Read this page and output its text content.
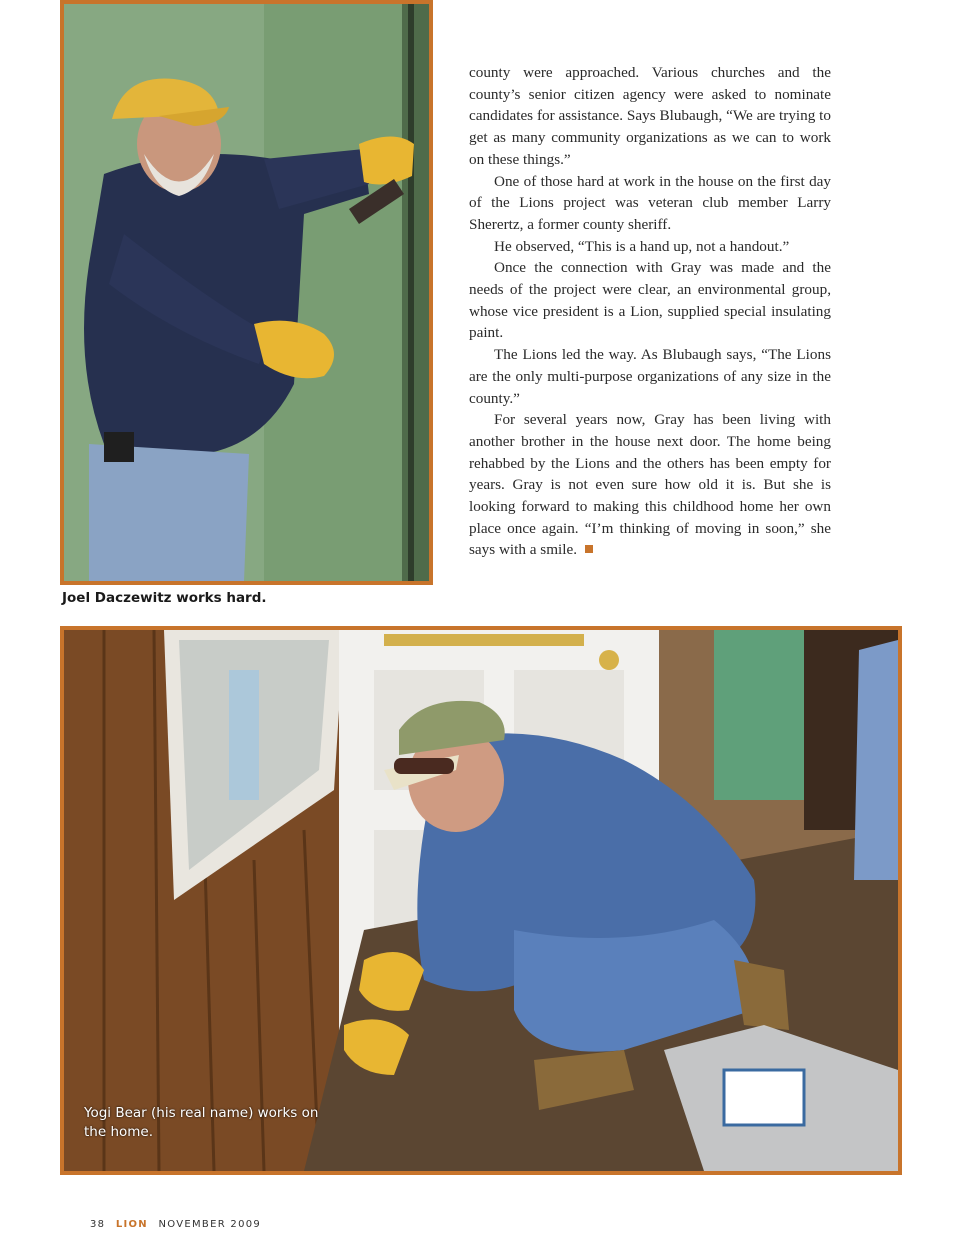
Joel Daczewitz works hard.

county were approached. Various churches and the county’s senior citizen agency were asked to nominate candidates for assistance. Says Blubaugh, “We are trying to get as many community organizations as we can to work on these things.”

One of those hard at work in the house on the first day of the Lions project was veteran club member Larry Sherertz, a former county sheriff.

He observed, “This is a hand up, not a handout.”

Once the connection with Gray was made and the needs of the project were clear, an environmental group, whose vice president is a Lion, supplied special insulating paint.

The Lions led the way. As Blubaugh says, “The Lions are the only multi-purpose organizations of any size in the county.”

For several years now, Gray has been living with another brother in the house next door. The home being rehabbed by the Lions and the others has been empty for years. Gray is not even sure how old it is. But she is looking forward to making this childhood home her own place once again. “I’m thinking of moving in soon,” she says with a smile.

Yogi Bear (his real name) works on the home.
38 LION NOVEMBER 2009
